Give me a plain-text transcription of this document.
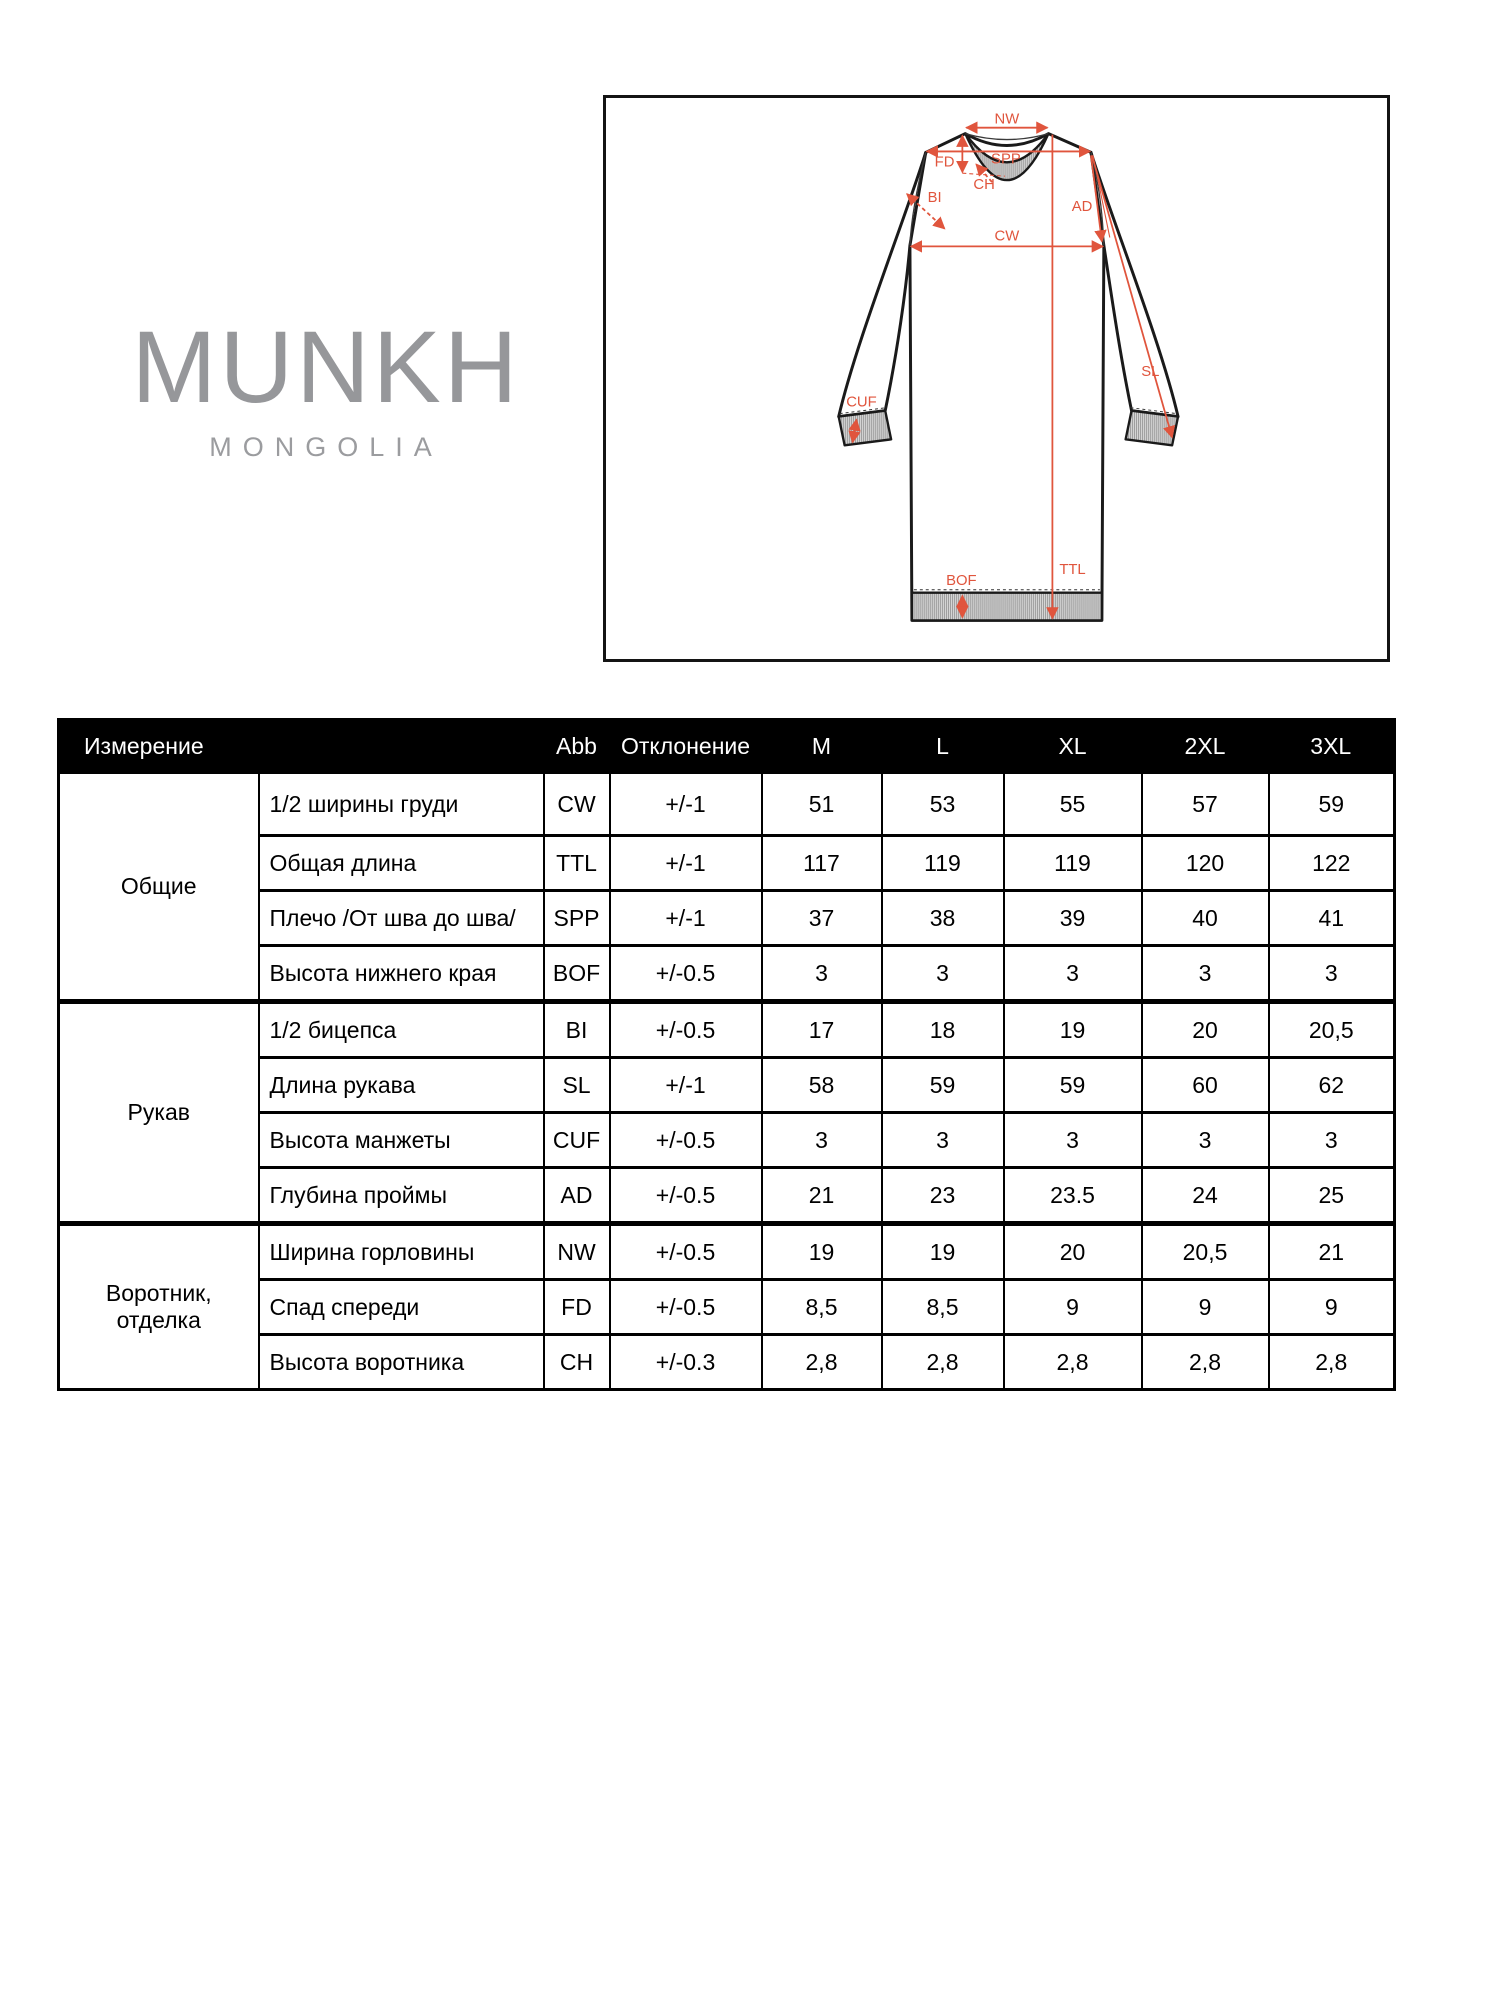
MUNKH
MONGOLIA
NW
SPP
FD
CH
BI
AD
CW
SL
CUF
TTL
BOF
Измерение		Abb	Отклонение	M	L	XL	2XL	3XL
Общие	1/2 ширины груди	CW	+/-1	51	53	55	57	59
	Общая длина	TTL	+/-1	117	119	119	120	122
	Плечо /От шва до шва/	SPP	+/-1	37	38	39	40	41
	Высота нижнего края	BOF	+/-0.5	3	3	3	3	3
Рукав	1/2 бицепса	BI	+/-0.5	17	18	19	20	20,5
	Длина рукава	SL	+/-1	58	59	59	60	62
	Высота манжеты	CUF	+/-0.5	3	3	3	3	3
	Глубина проймы	AD	+/-0.5	21	23	23.5	24	25
Воротник, отделка	Ширина горловины	NW	+/-0.5	19	19	20	20,5	21
	Спад спереди	FD	+/-0.5	8,5	8,5	9	9	9
	Высота воротника	CH	+/-0.3	2,8	2,8	2,8	2,8	2,8
